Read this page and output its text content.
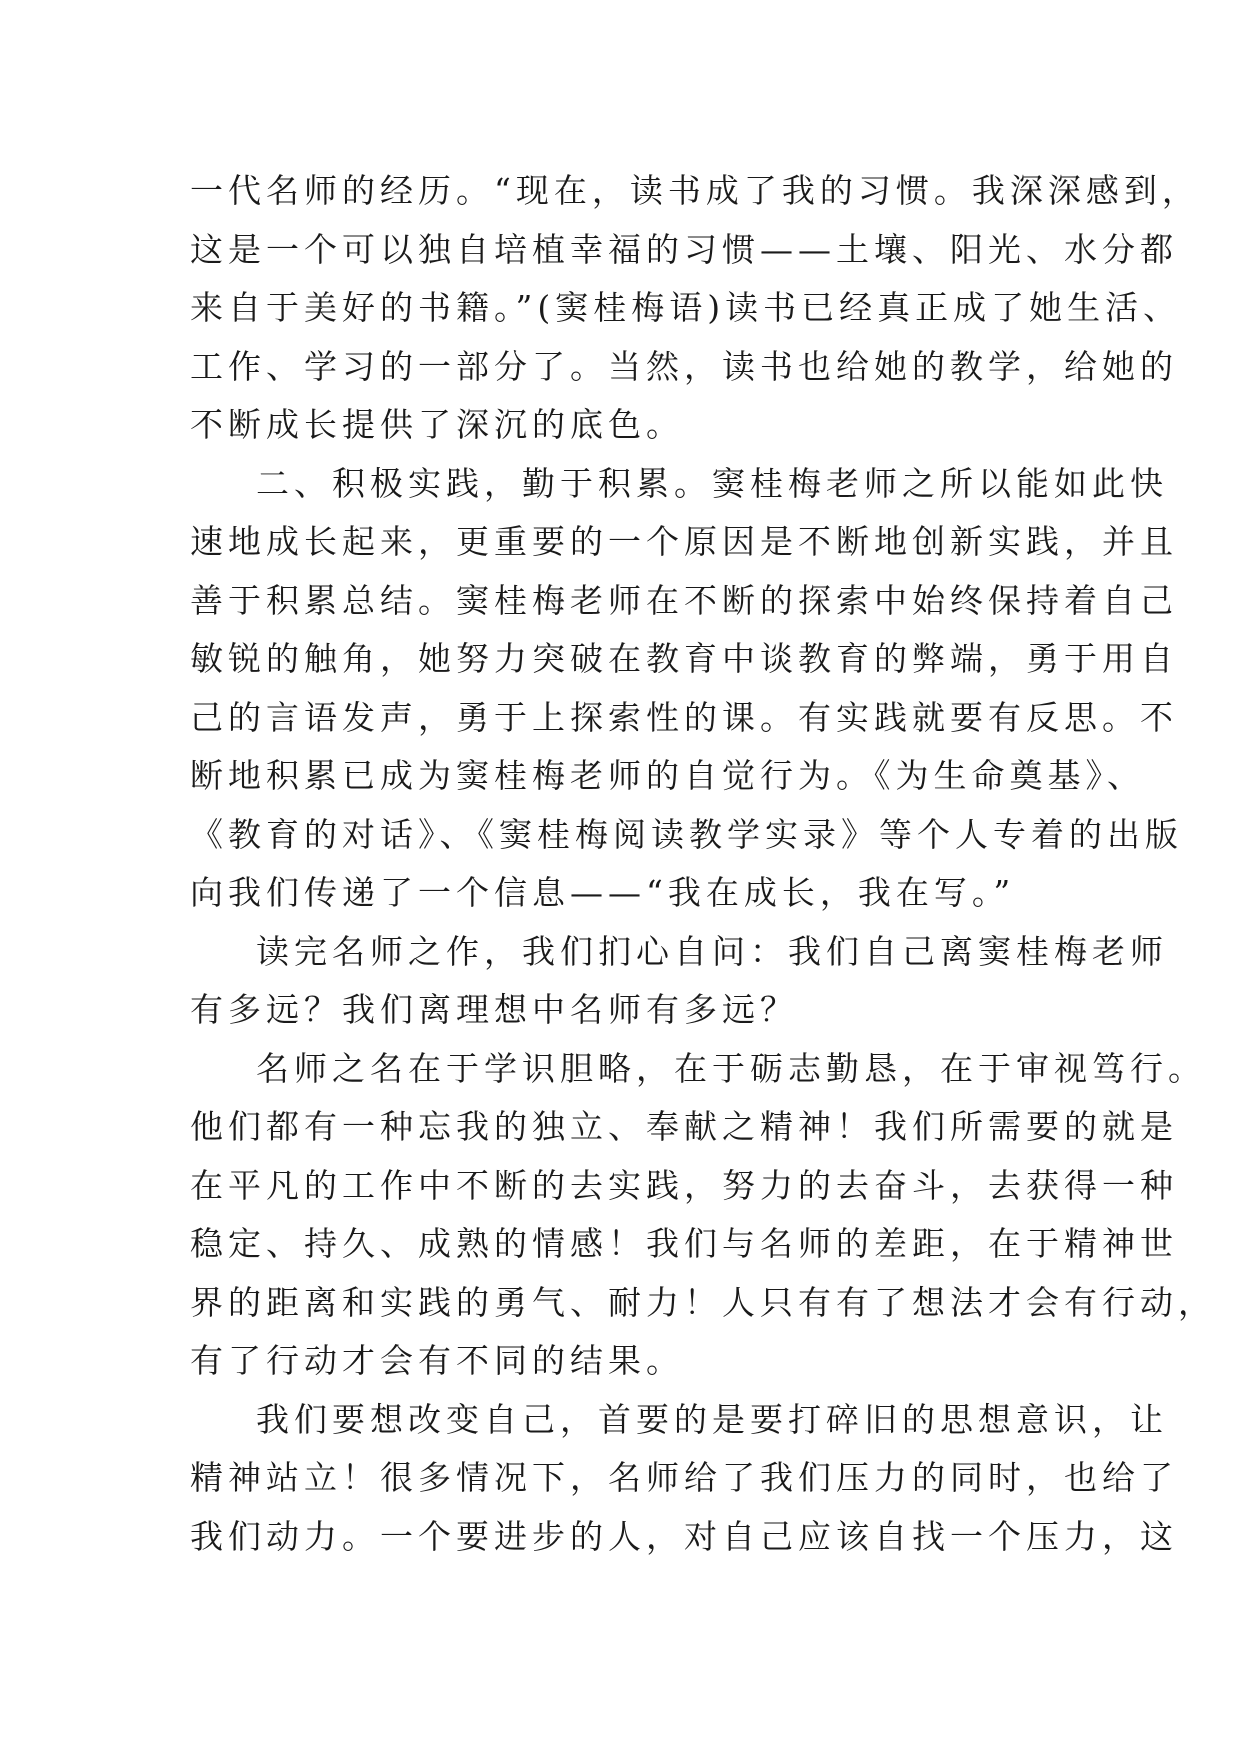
一代名师的经历。“现在，读书成了我的习惯。我深深感到，
这是一个可以独自培植幸福的习惯——土壤、阳光、水分都
来自于美好的书籍。”(窦桂梅语)读书已经真正成了她生活、
工作、学习的一部分了。当然，读书也给她的教学，给她的
不断成长提供了深沉的底色。
二、积极实践，勤于积累。窦桂梅老师之所以能如此快
速地成长起来，更重要的一个原因是不断地创新实践，并且
善于积累总结。窦桂梅老师在不断的探索中始终保持着自己
敏锐的触角，她努力突破在教育中谈教育的弊端，勇于用自
己的言语发声，勇于上探索性的课。有实践就要有反思。不
断地积累已成为窦桂梅老师的自觉行为。《为生命奠基》、
《教育的对话》、《窦桂梅阅读教学实录》等个人专着的出版
向我们传递了一个信息——“我在成长，我在写。”
读完名师之作，我们扪心自问：我们自己离窦桂梅老师
有多远？我们离理想中名师有多远？
名师之名在于学识胆略，在于砺志勤恳，在于审视笃行。
他们都有一种忘我的独立、奉献之精神！我们所需要的就是
在平凡的工作中不断的去实践，努力的去奋斗，去获得一种
稳定、持久、成熟的情感！我们与名师的差距，在于精神世
界的距离和实践的勇气、耐力！人只有有了想法才会有行动，
有了行动才会有不同的结果。
我们要想改变自己，首要的是要打碎旧的思想意识，让
精神站立！很多情况下，名师给了我们压力的同时，也给了
我们动力。一个要进步的人，对自己应该自找一个压力，这
